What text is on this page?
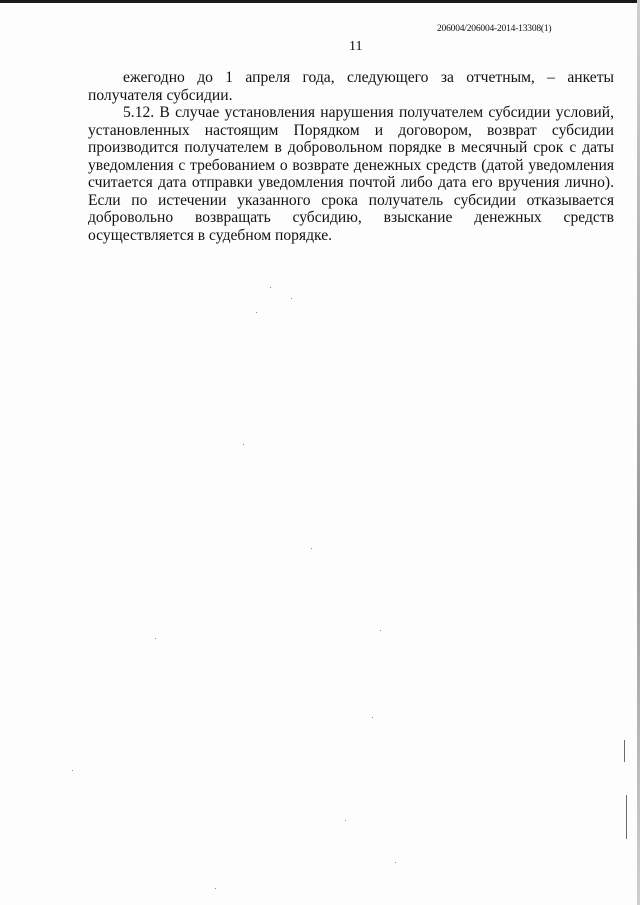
206004/206004-2014-13308(1)
11

ежегодно до 1 апреля года, следующего за отчетным, – анкеты получателя субсидии.

5.12. В случае установления нарушения получателем субсидии условий, установленных настоящим Порядком и договором, возврат субсидии производится получателем в добровольном порядке в месячный срок с даты уведомления с требованием о возврате денежных средств (датой уведомления считается дата отправки уведомления почтой либо дата его вручения лично). Если по истечении указанного срока получатель субсидии отказывается добровольно возвращать субсидию, взыскание денежных средств осуществляется в судебном порядке.
